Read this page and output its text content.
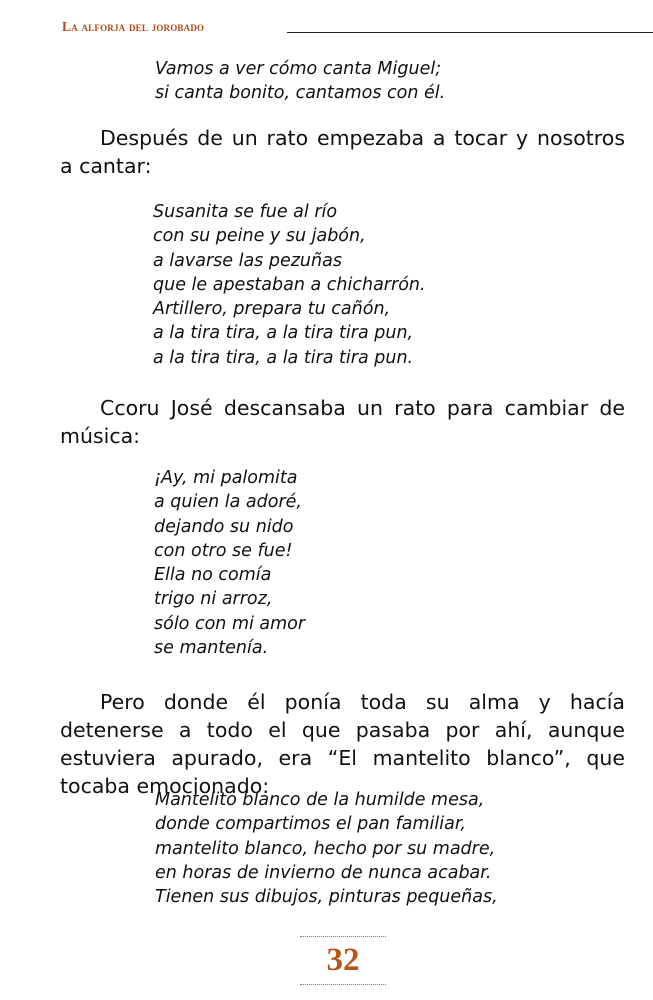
La alforja del jorobado
Vamos a ver cómo canta Miguel;
si canta bonito, cantamos con él.

Después de un rato empezaba a tocar y nosotros a cantar:

Susanita se fue al río
con su peine y su jabón,
a lavarse las pezuñas
que le apestaban a chicharrón.
Artillero, prepara tu cañón,
a la tira tira, a la tira tira pun,
a la tira tira, a la tira tira pun.

Ccoru José descansaba un rato para cambiar de música:

¡Ay, mi palomita
a quien la adoré,
dejando su nido
con otro se fue!
Ella no comía
trigo ni arroz,
sólo con mi amor
se mantenía.

Pero donde él ponía toda su alma y hacía detenerse a todo el que pasaba por ahí, aunque estuviera apurado, era “El mantelito blanco”, que tocaba emocionado:

Mantelito blanco de la humilde mesa,
donde compartimos el pan familiar,
mantelito blanco, hecho por su madre,
en horas de invierno de nunca acabar.
Tienen sus dibujos, pinturas pequeñas,
32
